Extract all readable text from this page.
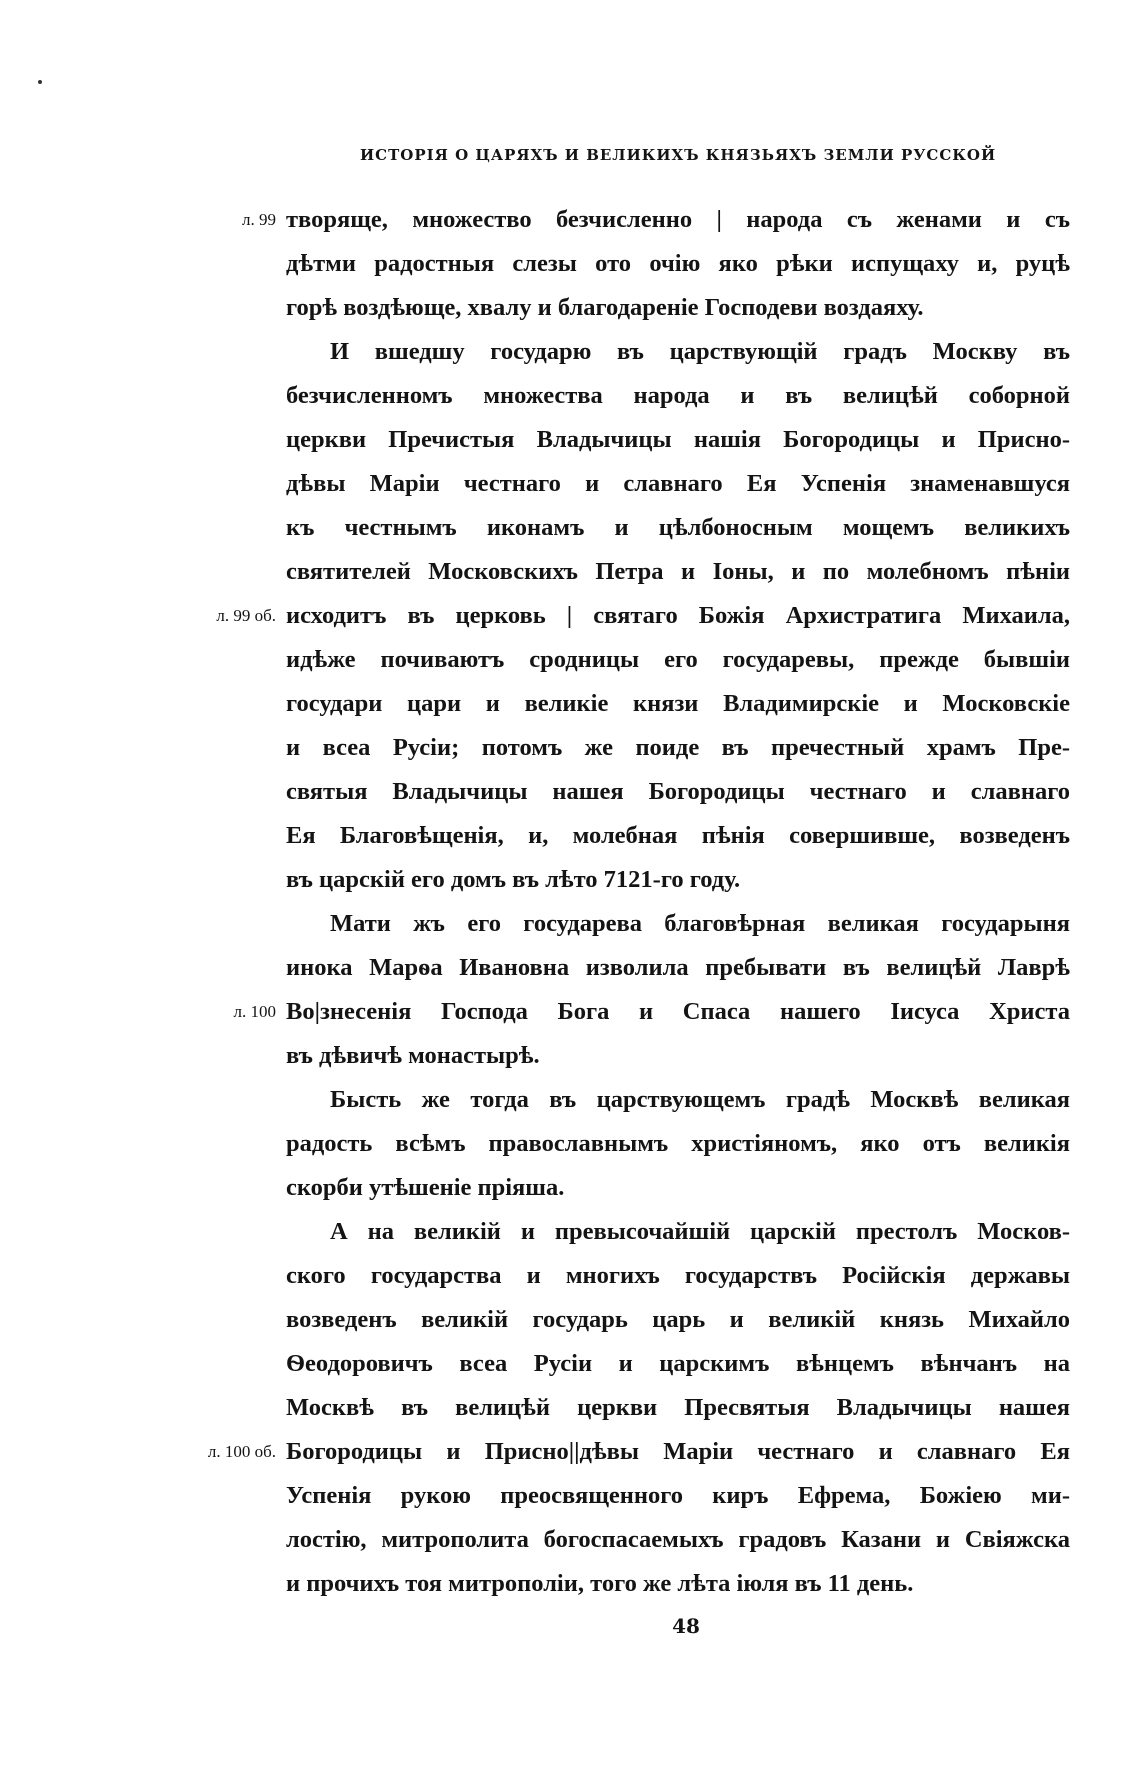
ИСТОРІЯ О ЦАРЯХЪ И ВЕЛИКИХЪ КНЯЗЬЯХЪ ЗЕМЛИ РУССКОЙ
л. 99 творяще, множество безчисленно | народа съ женами и съ
дѣтми радостныя слезы ото очію яко рѣки испущаху и, руцѣ
горѣ воздѣюще, хвалу и благодареніе Господеви воздаяху.
И вшедшу государю въ царствующій градъ Москву въ
безчисленномъ множества народа и въ велицѣй соборной
церкви Пречистыя Владычицы нашія Богородицы и Присно-
дѣвы Маріи честнаго и славнаго Ея Успенія знаменавшуся
къ честнымъ иконамъ и цѣлбоносным мощемъ великихъ
святителей Московскихъ Петра и Іоны, и по молебномъ пѣніи
л. 99 об. исходитъ въ церковь | святаго Божія Архистратига Михаила,
идѣже почиваютъ сродницы его государевы, прежде бывшіи
государи цари и великіе князи Владимирскіе и Московскіе
и всеа Русіи; потомъ же поиде въ пречестный храмъ Пре-
святыя Владычицы нашея Богородицы честнаго и славнаго
Ея Благовѣщенія, и, молебная пѣнія совершивше, возведенъ
въ царскій его домъ въ лѣто 7121-го году.
Мати жъ его государева благовѣрная великая государыня
инока Марѳа Ивановна изволила пребывати въ велицѣй Лаврѣ
л. 100 Во|знесенія Господа Бога и Спаса нашего Іисуса Христа
въ дѣвичѣ монастырѣ.
Бысть же тогда въ царствующемъ градѣ Москвѣ великая
радость всѣмъ православнымъ христіяномъ, яко отъ великія
скорби утѣшеніе пріяша.
А на великій и превысочайшій царскій престолъ Москов-
ского государства и многихъ государствъ Російскія державы
возведенъ великій государь царь и великій князь Михайло
Ѳеодоровичъ всеа Русіи и царскимъ вѣнцемъ вѣнчанъ на
Москвѣ въ велицѣй церкви Пресвятыя Владычицы нашея
л. 100 об. Богородицы и Присно||дѣвы Маріи честнаго и славнаго Ея
Успенія рукою преосвященного киръ Ефрема, Божіею ми-
лостію, митрополита богоспасаемыхъ градовъ Казани и Свіяжска
и прочихъ тоя митрополіи, того же лѣта іюля въ 11 день.
48
